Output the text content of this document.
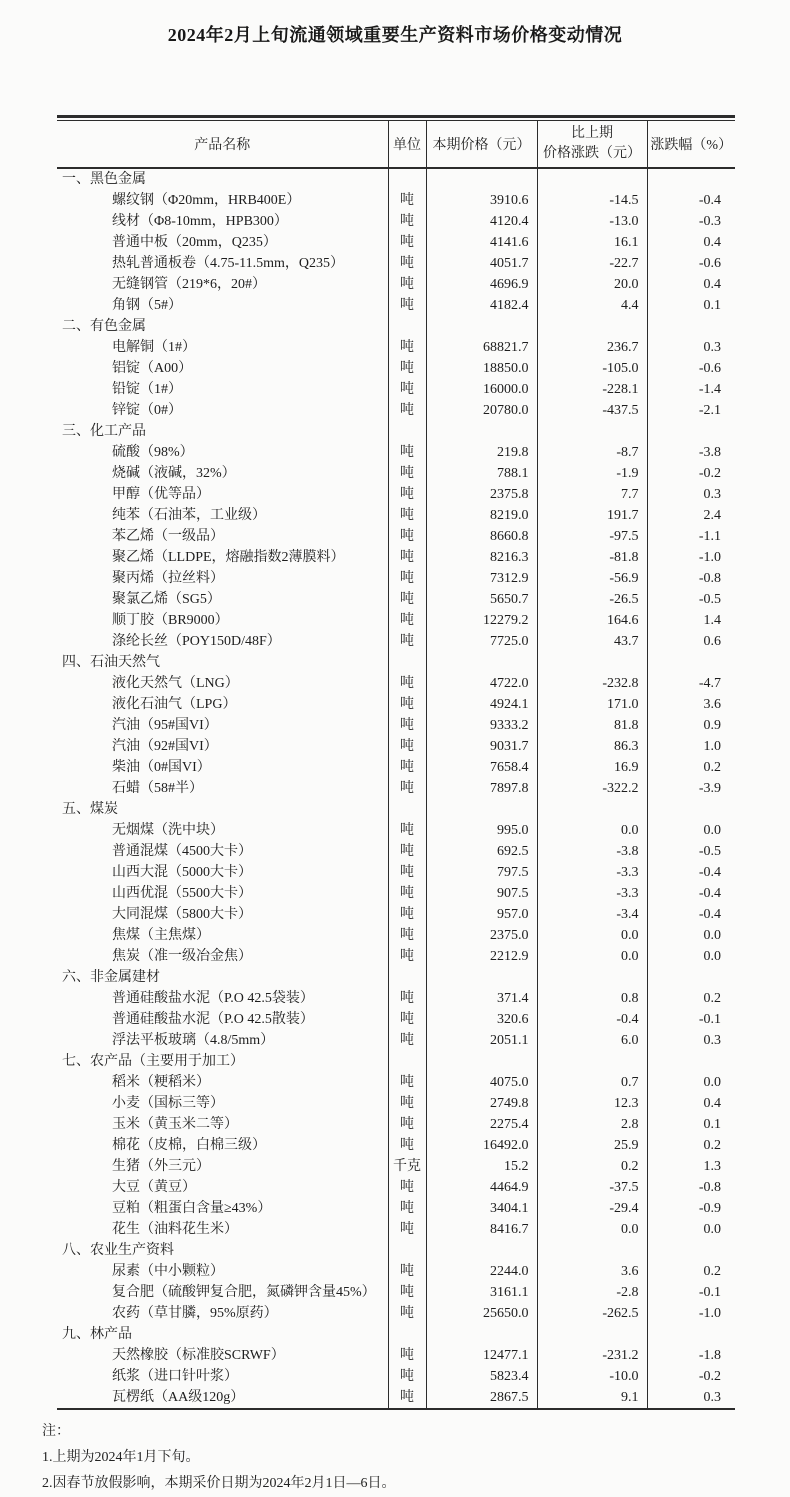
2024年2月上旬流通领域重要生产资料市场价格变动情况
产品名称	单位	本期价格（元）	比上期
价格涨跌（元）	涨跌幅（%）
一、黑色金属				
螺纹钢（Φ20mm，HRB400E）	吨	3910.6	-14.5	-0.4
线材（Φ8-10mm，HPB300）	吨	4120.4	-13.0	-0.3
普通中板（20mm，Q235）	吨	4141.6	16.1	0.4
热轧普通板卷（4.75-11.5mm，Q235）	吨	4051.7	-22.7	-0.6
无缝钢管（219*6，20#）	吨	4696.9	20.0	0.4
角钢（5#）	吨	4182.4	4.4	0.1
二、有色金属				
电解铜（1#）	吨	68821.7	236.7	0.3
铝锭（A00）	吨	18850.0	-105.0	-0.6
铅锭（1#）	吨	16000.0	-228.1	-1.4
锌锭（0#）	吨	20780.0	-437.5	-2.1
三、化工产品				
硫酸（98%）	吨	219.8	-8.7	-3.8
烧碱（液碱，32%）	吨	788.1	-1.9	-0.2
甲醇（优等品）	吨	2375.8	7.7	0.3
纯苯（石油苯，工业级）	吨	8219.0	191.7	2.4
苯乙烯（一级品）	吨	8660.8	-97.5	-1.1
聚乙烯（LLDPE，熔融指数2薄膜料）	吨	8216.3	-81.8	-1.0
聚丙烯（拉丝料）	吨	7312.9	-56.9	-0.8
聚氯乙烯（SG5）	吨	5650.7	-26.5	-0.5
顺丁胶（BR9000）	吨	12279.2	164.6	1.4
涤纶长丝（POY150D/48F）	吨	7725.0	43.7	0.6
四、石油天然气				
液化天然气（LNG）	吨	4722.0	-232.8	-4.7
液化石油气（LPG）	吨	4924.1	171.0	3.6
汽油（95#国VI）	吨	9333.2	81.8	0.9
汽油（92#国VI）	吨	9031.7	86.3	1.0
柴油（0#国VI）	吨	7658.4	16.9	0.2
石蜡（58#半）	吨	7897.8	-322.2	-3.9
五、煤炭				
无烟煤（洗中块）	吨	995.0	0.0	0.0
普通混煤（4500大卡）	吨	692.5	-3.8	-0.5
山西大混（5000大卡）	吨	797.5	-3.3	-0.4
山西优混（5500大卡）	吨	907.5	-3.3	-0.4
大同混煤（5800大卡）	吨	957.0	-3.4	-0.4
焦煤（主焦煤）	吨	2375.0	0.0	0.0
焦炭（准一级冶金焦）	吨	2212.9	0.0	0.0
六、非金属建材				
普通硅酸盐水泥（P.O 42.5袋装）	吨	371.4	0.8	0.2
普通硅酸盐水泥（P.O 42.5散装）	吨	320.6	-0.4	-0.1
浮法平板玻璃（4.8/5mm）	吨	2051.1	6.0	0.3
七、农产品（主要用于加工）				
稻米（粳稻米）	吨	4075.0	0.7	0.0
小麦（国标三等）	吨	2749.8	12.3	0.4
玉米（黄玉米二等）	吨	2275.4	2.8	0.1
棉花（皮棉，白棉三级）	吨	16492.0	25.9	0.2
生猪（外三元）	千克	15.2	0.2	1.3
大豆（黄豆）	吨	4464.9	-37.5	-0.8
豆粕（粗蛋白含量≥43%）	吨	3404.1	-29.4	-0.9
花生（油料花生米）	吨	8416.7	0.0	0.0
八、农业生产资料				
尿素（中小颗粒）	吨	2244.0	3.6	0.2
复合肥（硫酸钾复合肥，氮磷钾含量45%）	吨	3161.1	-2.8	-0.1
农药（草甘膦，95%原药）	吨	25650.0	-262.5	-1.0
九、林产品				
天然橡胶（标准胶SCRWF）	吨	12477.1	-231.2	-1.8
纸浆（进口针叶浆）	吨	5823.4	-10.0	-0.2
瓦楞纸（AA级120g）	吨	2867.5	9.1	0.3
注：
1.上期为2024年1月下旬。
2.因春节放假影响，本期采价日期为2024年2月1日—6日。
